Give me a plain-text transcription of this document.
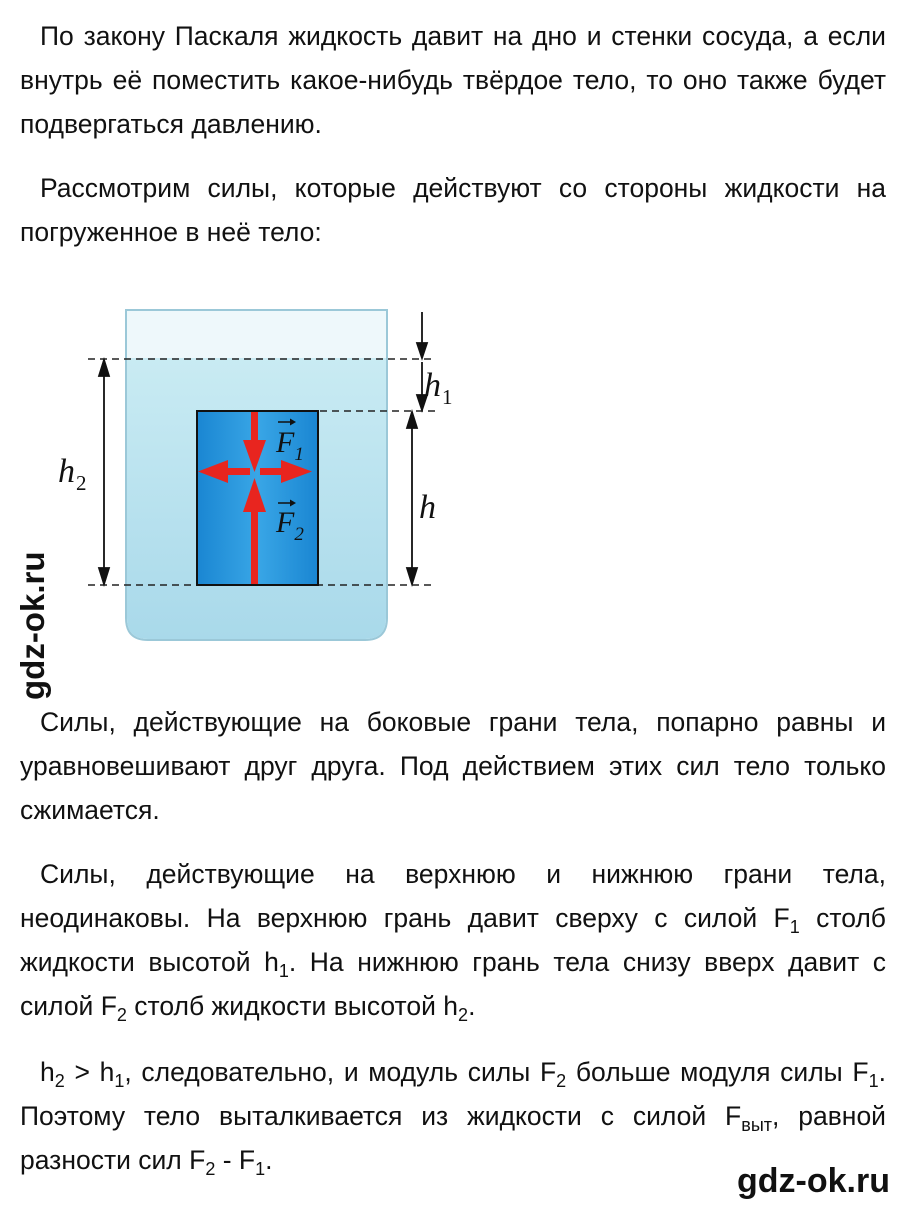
По закону Паскаля жидкость давит на дно и стенки сосуда, а если внутрь её поместить какое-нибудь твёрдое тело, то оно также будет подвергаться давлению.

Рассмотрим силы, которые действуют со стороны жидкости на погруженное в неё тело:

$h_1$
$h_2$
h
$F_1$
$F_2$

Силы, действующие на боковые грани тела, попарно равны и уравновешивают друг друга. Под действием этих сил тело только сжимается.

Силы, действующие на верхнюю и нижнюю грани тела, неодинаковы. На верхнюю грань давит сверху с силой $F_1$ столб жидкости высотой $h_1$. На нижнюю грань тела снизу вверх давит с силой $F_2$ столб жидкости высотой $h_2$.

$h_2 > h_1$, следовательно, и модуль силы $F_2$ больше модуля силы $F_1$. Поэтому тело выталкивается из жидкости с силой $F_{выт}$, равной разности сил $F_2 - F_1$.

gdz-ok.ru
gdz-ok.ru
